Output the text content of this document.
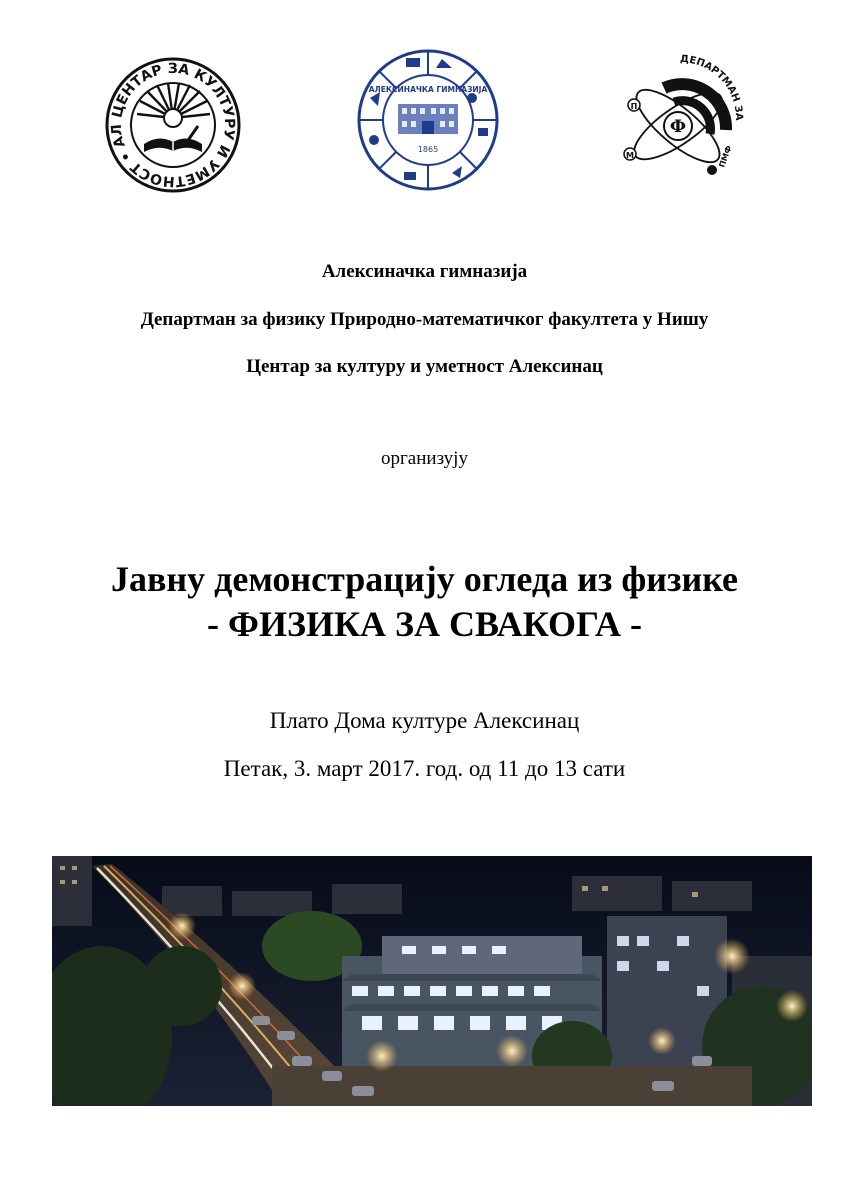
ЦЕНТАР ЗА КУЛТУРУ И УМЕТНОСТ • АЛ
АЛЕКСИНАЧКА ГИМНАЗИЈА
1865
ДЕПАРТМАН ЗА
Ф
П
М	ПМФ
Алексиначка гимназија
Департман за физику Природно-математичког факултета у Нишу
Центар за културу и уметност Алексинац
организују
Јавну демонстрацију огледа из физике
- ФИЗИКА ЗА СВАКОГА -
Плато Дома културе Алексинац
Петак, 3. март 2017. год. од 11 до 13 сати
